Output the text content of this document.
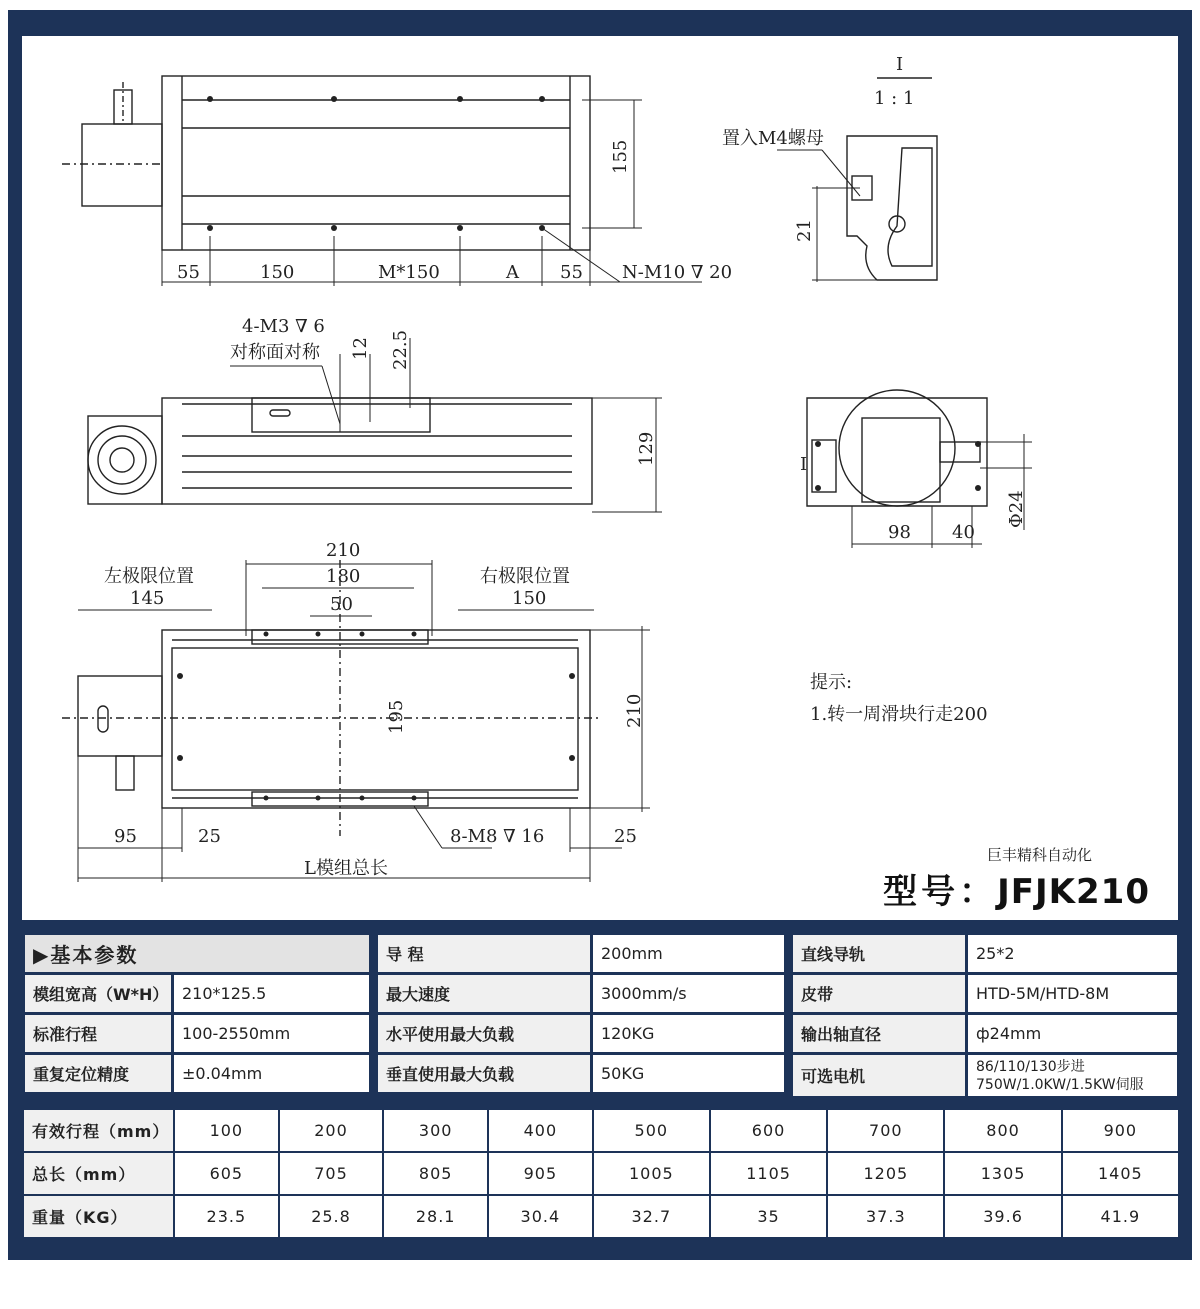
55	150	M*150	A 55 N-M10 ∇ 20
155
I
1 : 1
置入M4螺母
21
4-M3 ∇ 6
对称面对称 12 22.5
129	I
98 40
Φ24
210
180
50
左极限位置
145
右极限位置
150
195	210
95	25	25
8-M8 ∇ 16
L模组总长
提示:
1.转一周滑块行走200
巨丰精科自动化
型号：JFJK210
▶基本参数	
模组宽高（W*H）	210*125.5
标准行程	100-2550mm
重复定位精度	±0.04mm
导 程	200mm
最大速度	3000mm/s
水平使用最大负载	120KG
垂直使用最大负载	50KG
直线导轨	25*2
皮带	HTD-5M/HTD-8M
输出轴直径	ф24mm
可选电机	86/110/130步进
750W/1.0KW/1.5KW伺服
有效行程（mm）	100	200	300	400	500	600	700	800	900
总长（mm）	605	705	805	905	1005	1105	1205	1305	1405
重量（KG）	23.5	25.8	28.1	30.4	32.7	35	37.3	39.6	41.9
